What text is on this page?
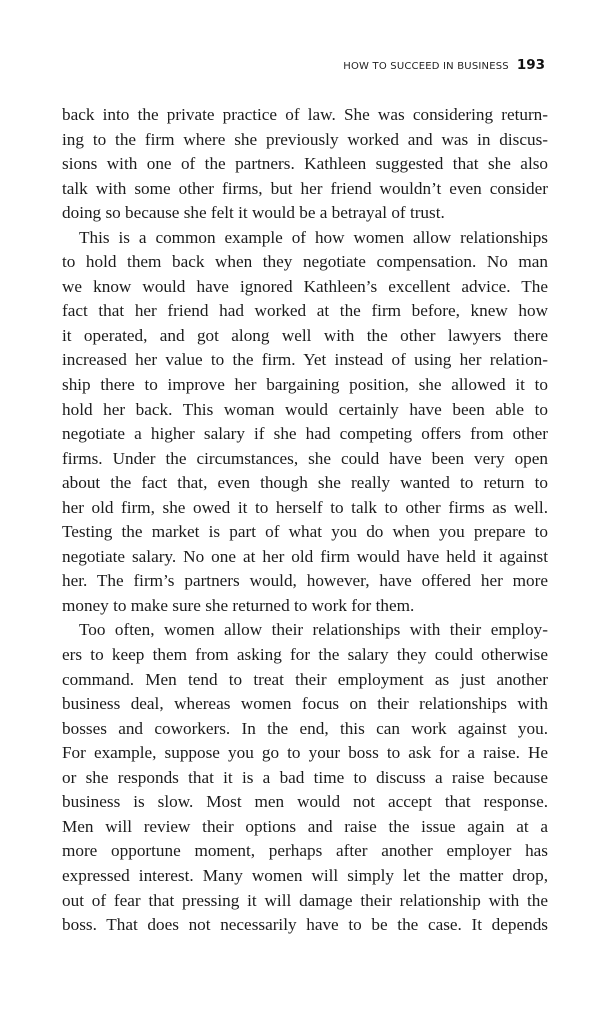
HOW TO SUCCEED IN BUSINESS 193
back into the private practice of law. She was considering return-
ing to the firm where she previously worked and was in discus-
sions with one of the partners. Kathleen suggested that she also
talk with some other firms, but her friend wouldn’t even consider
doing so because she felt it would be a betrayal of trust.
This is a common example of how women allow relationships
to hold them back when they negotiate compensation. No man
we know would have ignored Kathleen’s excellent advice. The
fact that her friend had worked at the firm before, knew how
it operated, and got along well with the other lawyers there
increased her value to the firm. Yet instead of using her relation-
ship there to improve her bargaining position, she allowed it to
hold her back. This woman would certainly have been able to
negotiate a higher salary if she had competing offers from other
firms. Under the circumstances, she could have been very open
about the fact that, even though she really wanted to return to
her old firm, she owed it to herself to talk to other firms as well.
Testing the market is part of what you do when you prepare to
negotiate salary. No one at her old firm would have held it against
her. The firm’s partners would, however, have offered her more
money to make sure she returned to work for them.
Too often, women allow their relationships with their employ-
ers to keep them from asking for the salary they could otherwise
command. Men tend to treat their employment as just another
business deal, whereas women focus on their relationships with
bosses and coworkers. In the end, this can work against you.
For example, suppose you go to your boss to ask for a raise. He
or she responds that it is a bad time to discuss a raise because
business is slow. Most men would not accept that response.
Men will review their options and raise the issue again at a
more opportune moment, perhaps after another employer has
expressed interest. Many women will simply let the matter drop,
out of fear that pressing it will damage their relationship with the
boss. That does not necessarily have to be the case. It depends
